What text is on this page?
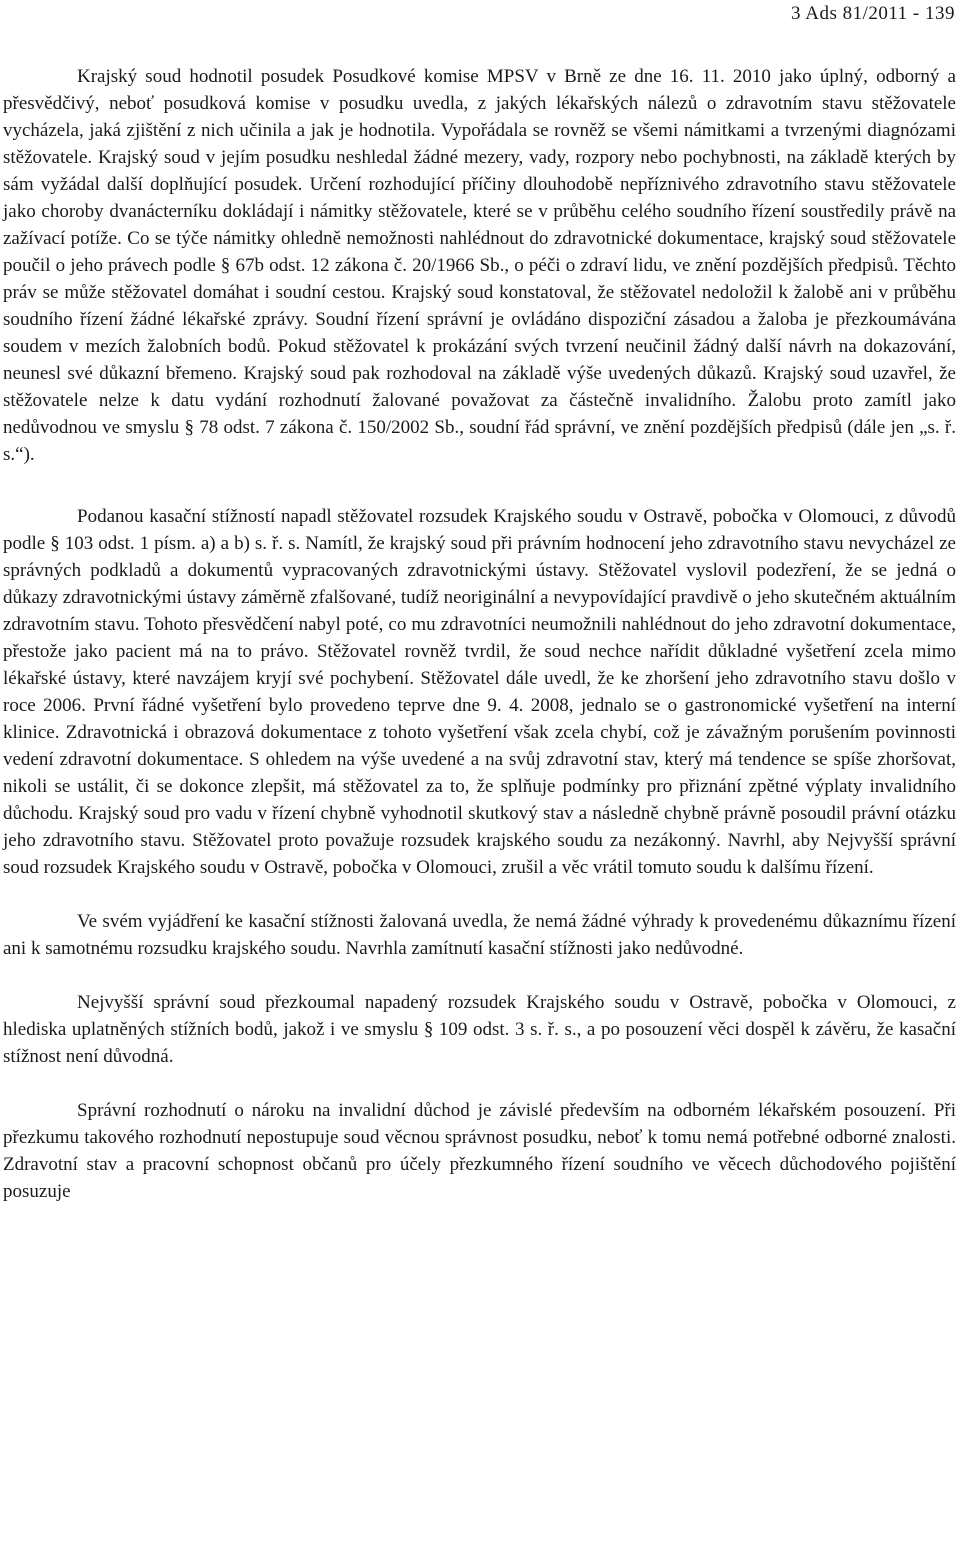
3 Ads 81/2011 - 139

Krajský soud hodnotil posudek Posudkové komise MPSV v Brně ze dne 16. 11. 2010 jako úplný, odborný a přesvědčivý, neboť posudková komise v posudku uvedla, z jakých lékařských nálezů o zdravotním stavu stěžovatele vycházela, jaká zjištění z nich učinila a jak je hodnotila. Vypořádala se rovněž se všemi námitkami a tvrzenými diagnózami stěžovatele. Krajský soud v jejím posudku neshledal žádné mezery, vady, rozpory nebo pochybnosti, na základě kterých by sám vyžádal další doplňující posudek. Určení rozhodující příčiny dlouhodobě nepříznivého zdravotního stavu stěžovatele jako choroby dvanácterníku dokládají i námitky stěžovatele, které se v průběhu celého soudního řízení soustředily právě na zažívací potíže. Co se týče námitky ohledně nemožnosti nahlédnout do zdravotnické dokumentace, krajský soud stěžovatele poučil o jeho právech podle § 67b odst. 12 zákona č. 20/1966 Sb., o péči o zdraví lidu, ve znění pozdějších předpisů. Těchto práv se může stěžovatel domáhat i soudní cestou. Krajský soud konstatoval, že stěžovatel nedoložil k žalobě ani v průběhu soudního řízení žádné lékařské zprávy. Soudní řízení správní je ovládáno dispoziční zásadou a žaloba je přezkoumávána soudem v mezích žalobních bodů. Pokud stěžovatel k prokázání svých tvrzení neučinil žádný další návrh na dokazování, neunesl své důkazní břemeno. Krajský soud pak rozhodoval na základě výše uvedených důkazů. Krajský soud uzavřel, že stěžovatele nelze k datu vydání rozhodnutí žalované považovat za částečně invalidního. Žalobu proto zamítl jako nedůvodnou ve smyslu § 78 odst. 7 zákona č. 150/2002 Sb., soudní řád správní, ve znění pozdějších předpisů (dále jen „s. ř. s.“).

Podanou kasační stížností napadl stěžovatel rozsudek Krajského soudu v Ostravě, pobočka v Olomouci, z důvodů podle § 103 odst. 1 písm. a) a b) s. ř. s. Namítl, že krajský soud při právním hodnocení jeho zdravotního stavu nevycházel ze správných podkladů a dokumentů vypracovaných zdravotnickými ústavy. Stěžovatel vyslovil podezření, že se jedná o důkazy zdravotnickými ústavy záměrně zfalšované, tudíž neoriginální a nevypovídající pravdivě o jeho skutečném aktuálním zdravotním stavu. Tohoto přesvědčení nabyl poté, co mu zdravotníci neumožnili nahlédnout do jeho zdravotní dokumentace, přestože jako pacient má na to právo. Stěžovatel rovněž tvrdil, že soud nechce nařídit důkladné vyšetření zcela mimo lékařské ústavy, které navzájem kryjí své pochybení. Stěžovatel dále uvedl, že ke zhoršení jeho zdravotního stavu došlo v roce 2006. První řádné vyšetření bylo provedeno teprve dne 9. 4. 2008, jednalo se o gastronomické vyšetření na interní klinice. Zdravotnická i obrazová dokumentace z tohoto vyšetření však zcela chybí, což je závažným porušením povinnosti vedení zdravotní dokumentace. S ohledem na výše uvedené a na svůj zdravotní stav, který má tendence se spíše zhoršovat, nikoli se ustálit, či se dokonce zlepšit, má stěžovatel za to, že splňuje podmínky pro přiznání zpětné výplaty invalidního důchodu. Krajský soud pro vadu v řízení chybně vyhodnotil skutkový stav a následně chybně právně posoudil právní otázku jeho zdravotního stavu. Stěžovatel proto považuje rozsudek krajského soudu za nezákonný. Navrhl, aby Nejvyšší správní soud rozsudek Krajského soudu v Ostravě, pobočka v Olomouci, zrušil a věc vrátil tomuto soudu k dalšímu řízení.

Ve svém vyjádření ke kasační stížnosti žalovaná uvedla, že nemá žádné výhrady k provedenému důkaznímu řízení ani k samotnému rozsudku krajského soudu. Navrhla zamítnutí kasační stížnosti jako nedůvodné.

Nejvyšší správní soud přezkoumal napadený rozsudek Krajského soudu v Ostravě, pobočka v Olomouci, z hlediska uplatněných stížních bodů, jakož i ve smyslu § 109 odst. 3 s. ř. s., a po posouzení věci dospěl k závěru, že kasační stížnost není důvodná.

Správní rozhodnutí o nároku na invalidní důchod je závislé především na odborném lékařském posouzení. Při přezkumu takového rozhodnutí nepostupuje soud věcnou správnost posudku, neboť k tomu nemá potřebné odborné znalosti. Zdravotní stav a pracovní schopnost občanů pro účely přezkumného řízení soudního ve věcech důchodového pojištění posuzuje
